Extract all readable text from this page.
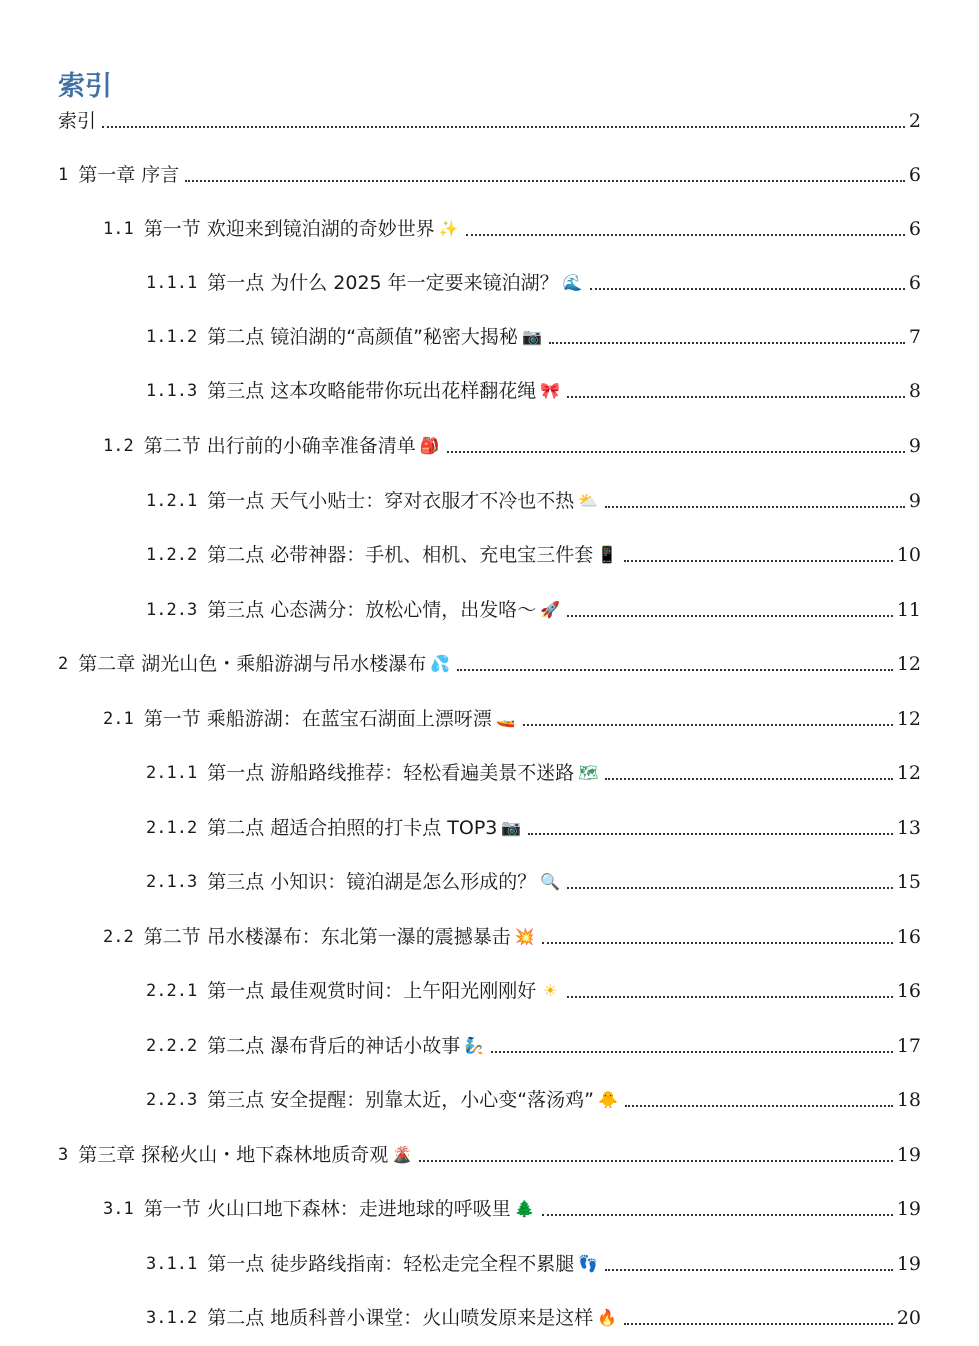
索引
索引	2
1 第一章 序言	6
1.1 第一节 欢迎来到镜泊湖的奇妙世界 ✨	6
1.1.1 第一点 为什么 2025 年一定要来镜泊湖？ 🌊	6
1.1.2 第二点 镜泊湖的“高颜值”秘密大揭秘 📷	7
1.1.3 第三点 这本攻略能带你玩出花样翻花绳 🎀	8
1.2 第二节 出行前的小确幸准备清单 🎒	9
1.2.1 第一点 天气小贴士：穿对衣服才不冷也不热 ⛅	9
1.2.2 第二点 必带神器：手机、相机、充电宝三件套 📱	10
1.2.3 第三点 心态满分：放松心情，出发咯～ 🚀	11
2 第二章 湖光山色・乘船游湖与吊水楼瀑布 💦	12
2.1 第一节 乘船游湖：在蓝宝石湖面上漂呀漂 🚤	12
2.1.1 第一点 游船路线推荐：轻松看遍美景不迷路 🗺	12
2.1.2 第二点 超适合拍照的打卡点 TOP3 📷	13
2.1.3 第三点 小知识：镜泊湖是怎么形成的？ 🔍	15
2.2 第二节 吊水楼瀑布：东北第一瀑的震撼暴击 💥	16
2.2.1 第一点 最佳观赏时间：上午阳光刚刚好 ☀	16
2.2.2 第二点 瀑布背后的神话小故事 🧞	17
2.2.3 第三点 安全提醒：别靠太近，小心变“落汤鸡” 🐥	18
3 第三章 探秘火山・地下森林地质奇观 🌋	19
3.1 第一节 火山口地下森林：走进地球的呼吸里 🌲	19
3.1.1 第一点 徒步路线指南：轻松走完全程不累腿 👣	19
3.1.2 第二点 地质科普小课堂：火山喷发原来是这样 🔥	20
